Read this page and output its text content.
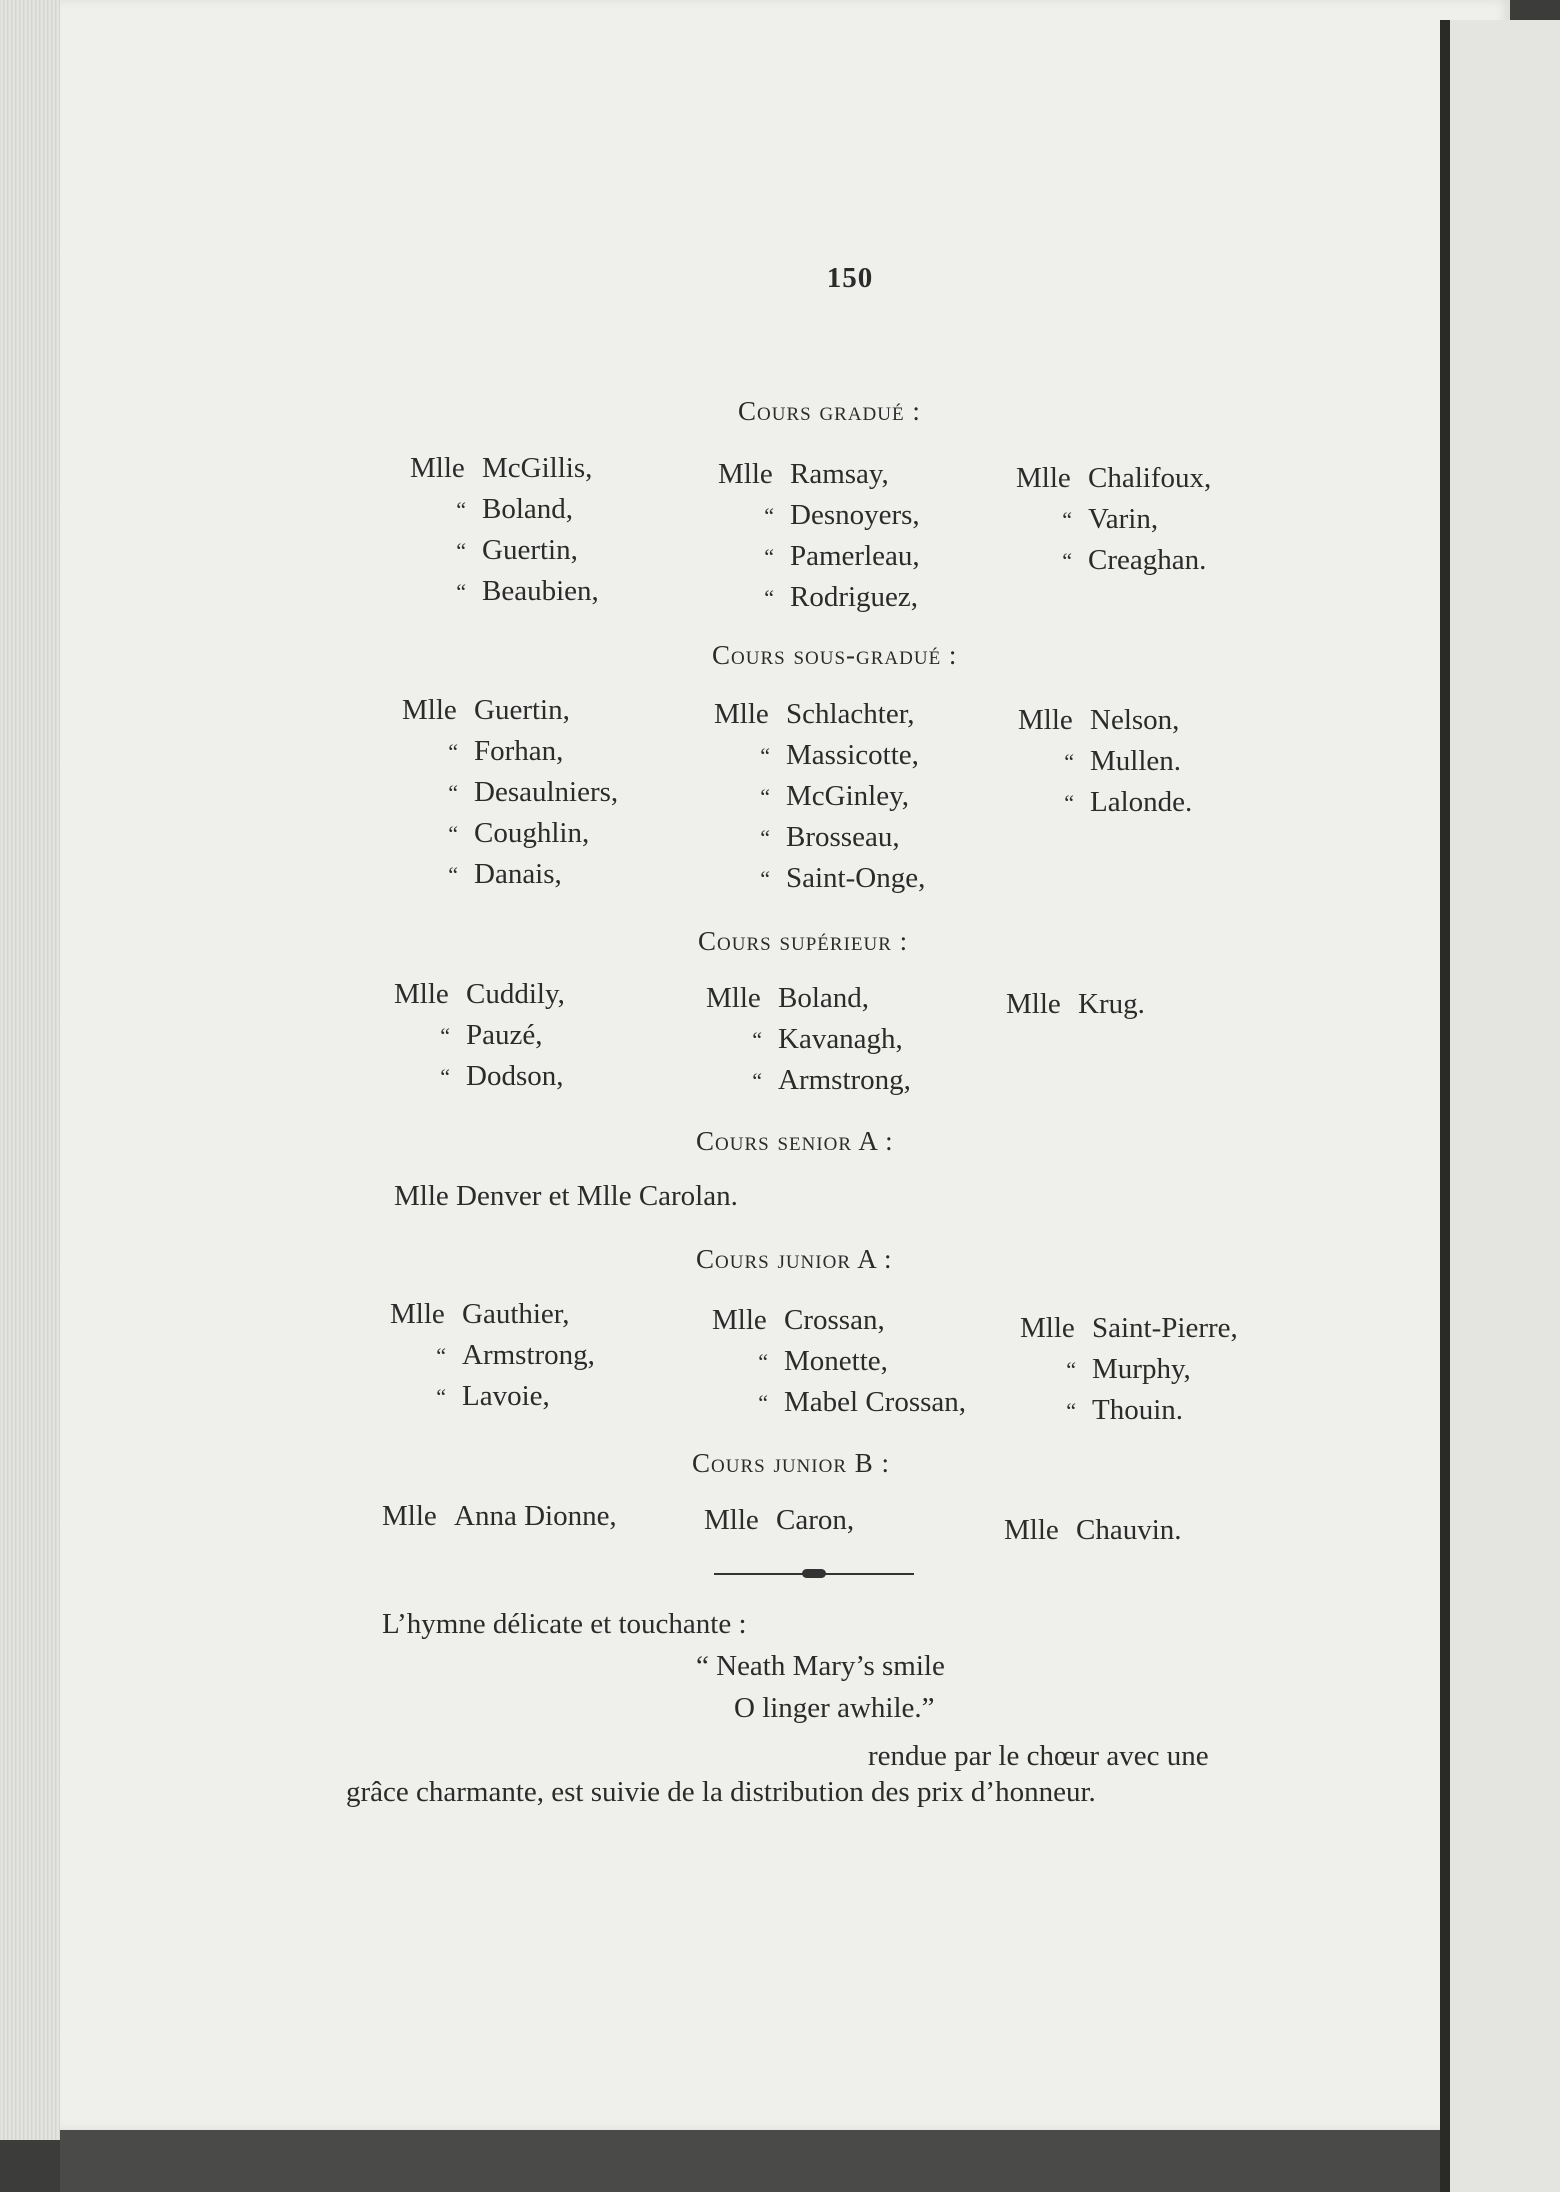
150
Cours gradué :
Mlle McGillis,
“ Boland,
“ Guertin,
“ Beaubien,
Mlle Ramsay,
“ Desnoyers,
“ Pamerleau,
“ Rodriguez,
Mlle Chalifoux,
“ Varin,
“ Creaghan.
Cours sous-gradué :
Mlle Guertin,
“ Forhan,
“ Desaulniers,
“ Coughlin,
“ Danais,
Mlle Schlachter,
“ Massicotte,
“ McGinley,
“ Brosseau,
“ Saint-Onge,
Mlle Nelson,
“ Mullen.
“ Lalonde.
Cours supérieur :
Mlle Cuddily,
“ Pauzé,
“ Dodson,
Mlle Boland,
“ Kavanagh,
“ Armstrong,
Mlle Krug.
Cours senior A :
Mlle Denver et Mlle Carolan.
Cours junior A :
Mlle Gauthier,
“ Armstrong,
“ Lavoie,
Mlle Crossan,
“ Monette,
“ Mabel Crossan,
Mlle Saint-Pierre,
“ Murphy,
“ Thouin.
Cours junior B :
Mlle Anna Dionne,	Mlle Caron,	Mlle Chauvin.
L’hymne délicate et touchante :
“ Neath Mary’s smile
O linger awhile.”
rendue par le chœur avec une
grâce charmante, est suivie de la distribution des prix d’honneur.
